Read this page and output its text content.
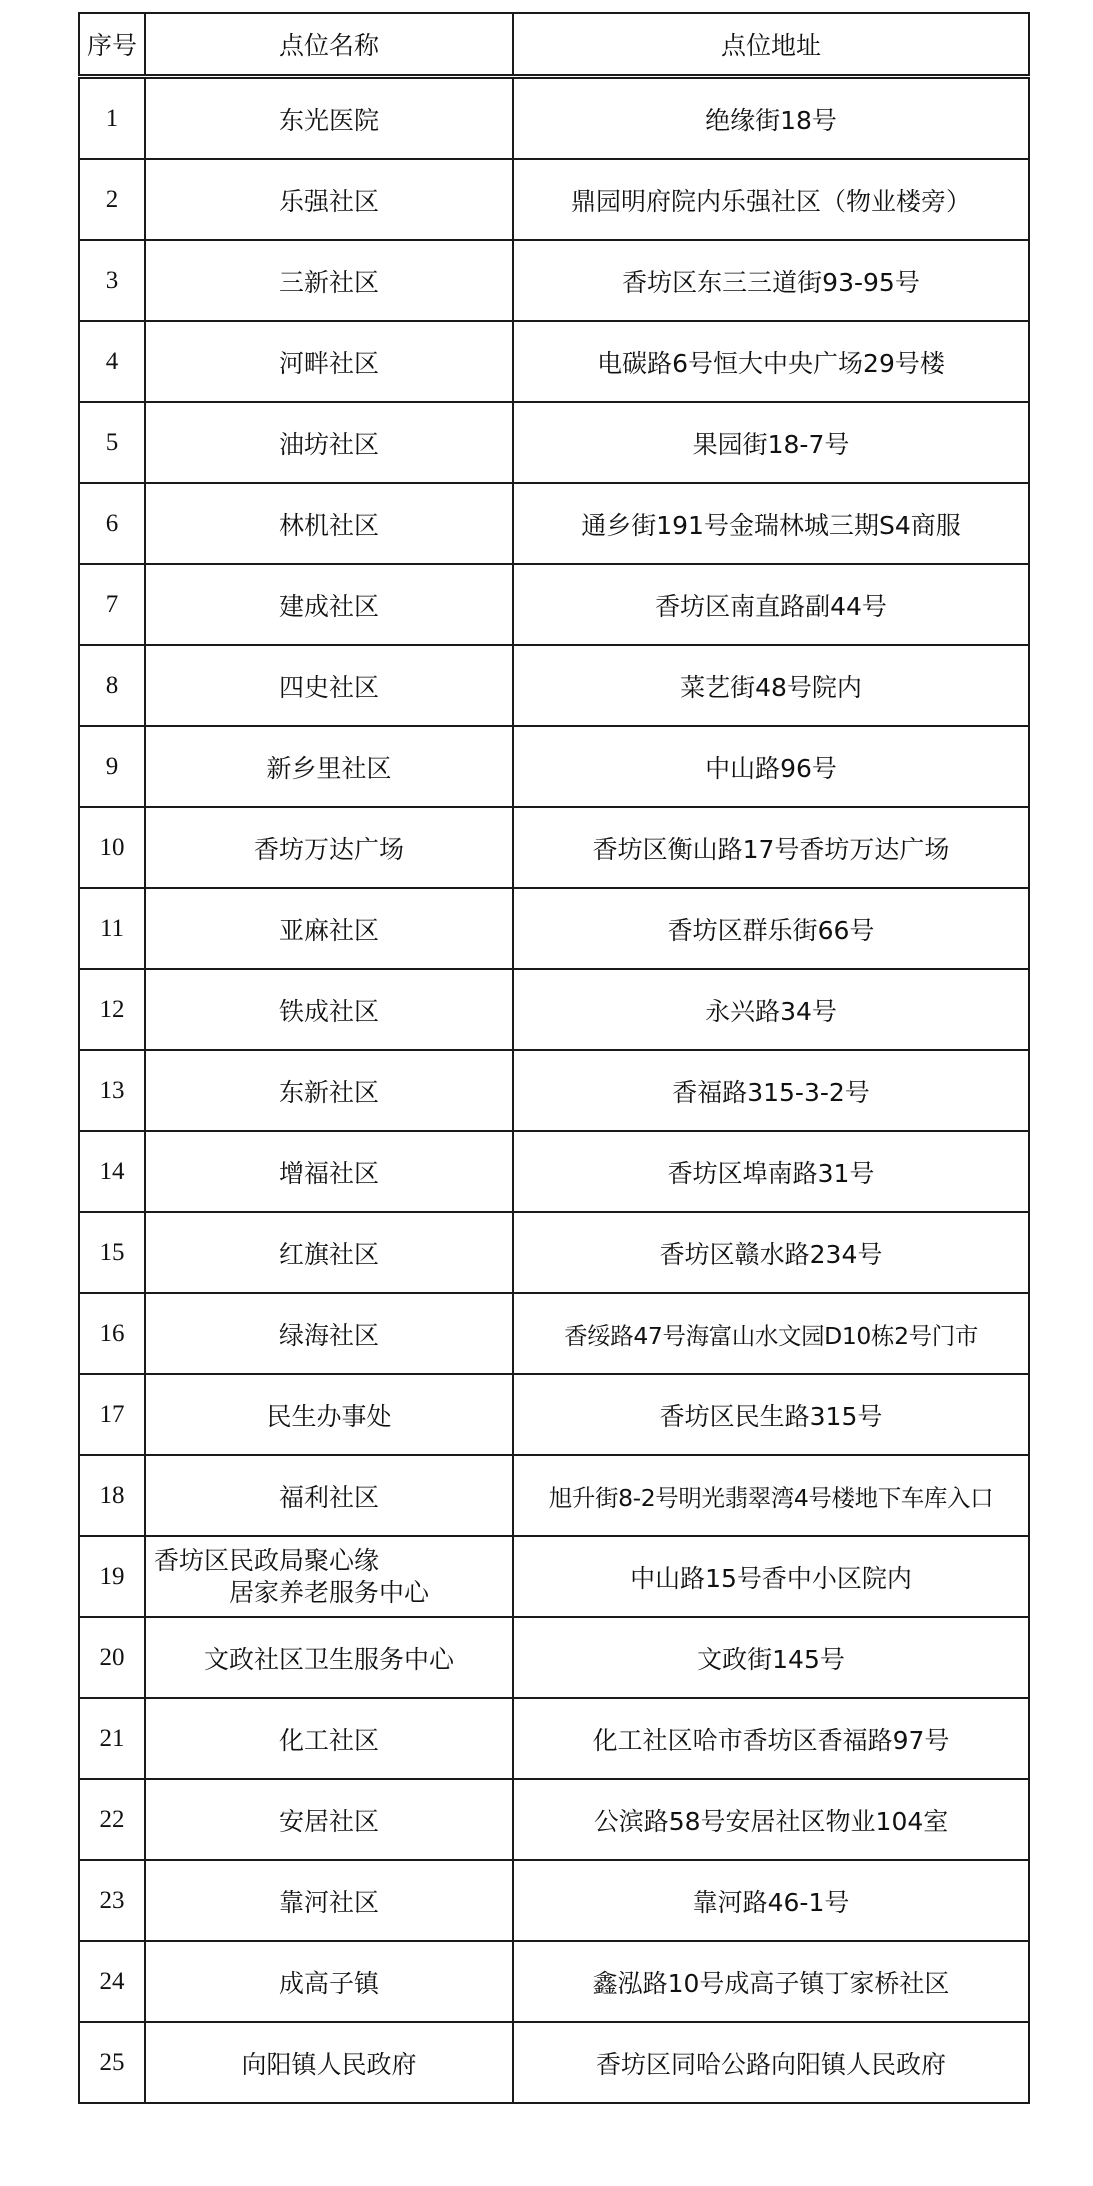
序号	点位名称	点位地址
1	东光医院	绝缘街18号
2	乐强社区	鼎园明府院内乐强社区（物业楼旁）
3	三新社区	香坊区东三三道街93-95号
4	河畔社区	电碳路6号恒大中央广场29号楼
5	油坊社区	果园街18-7号
6	林机社区	通乡街191号金瑞林城三期S4商服
7	建成社区	香坊区南直路副44号
8	四史社区	菜艺街48号院内
9	新乡里社区	中山路96号
10	香坊万达广场	香坊区衡山路17号香坊万达广场
11	亚麻社区	香坊区群乐街66号
12	铁成社区	永兴路34号
13	东新社区	香福路315-3-2号
14	增福社区	香坊区埠南路31号
15	红旗社区	香坊区赣水路234号
16	绿海社区	香绥路47号海富山水文园D10栋2号门市
17	民生办事处	香坊区民生路315号
18	福利社区	旭升街8-2号明光翡翠湾4号楼地下车库入口
19	香坊区民政局聚心缘
居家养老服务中心	中山路15号香中小区院内
20	文政社区卫生服务中心	文政街145号
21	化工社区	化工社区哈市香坊区香福路97号
22	安居社区	公滨路58号安居社区物业104室
23	靠河社区	靠河路46-1号
24	成高子镇	鑫泓路10号成高子镇丁家桥社区
25	向阳镇人民政府	香坊区同哈公路向阳镇人民政府
